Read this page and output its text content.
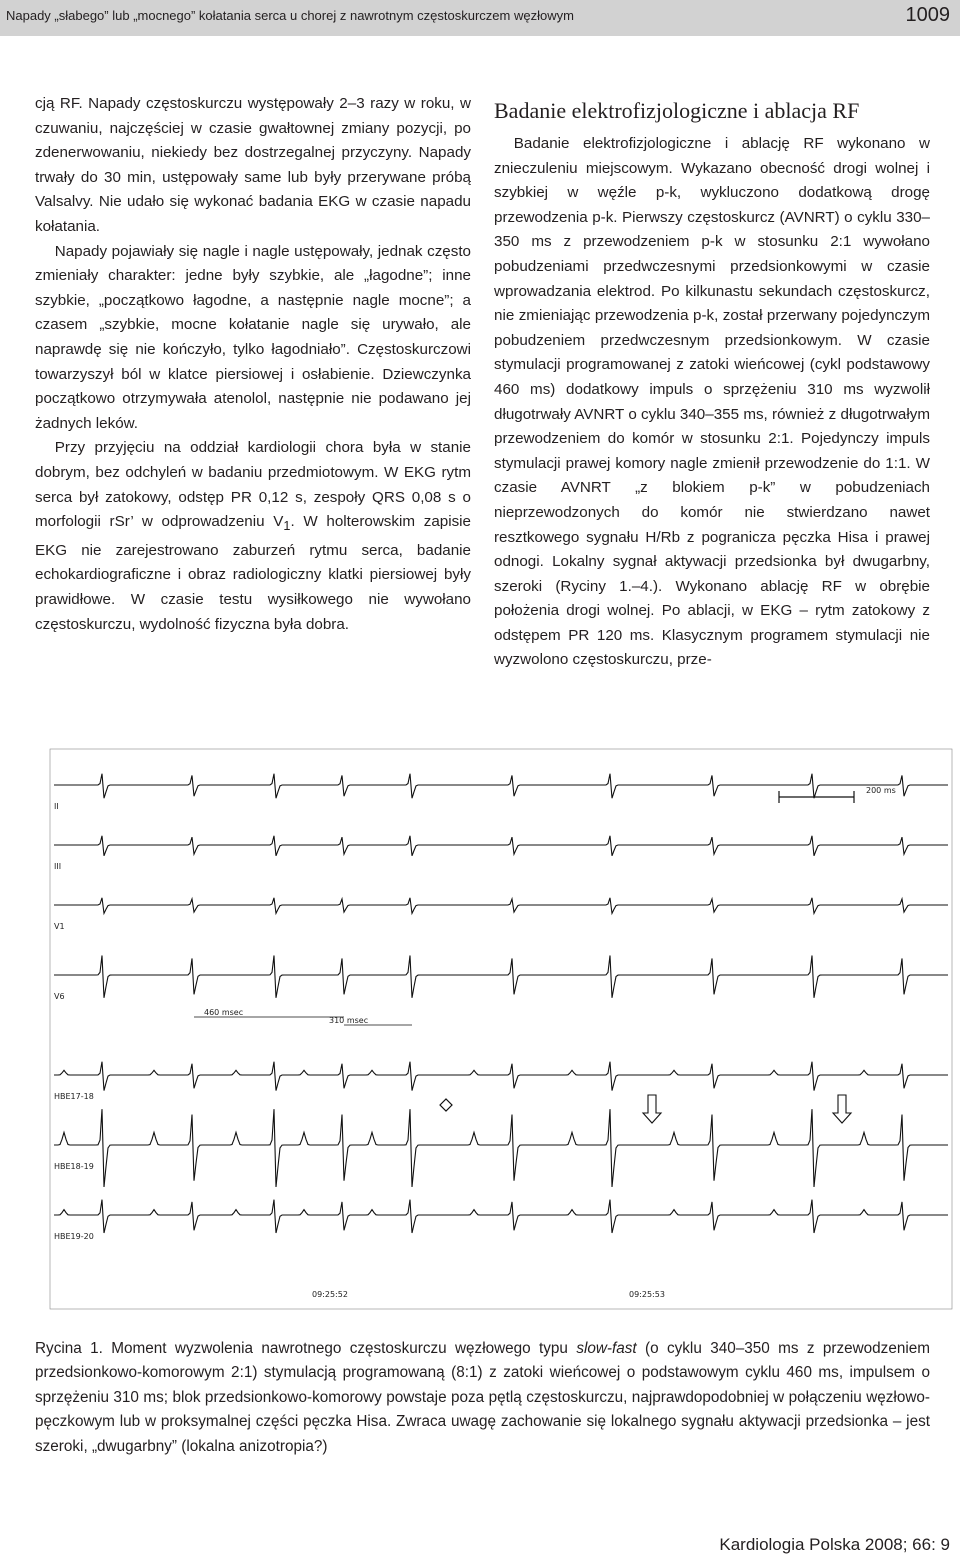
Napady „słabego” lub „mocnego” kołatania serca u chorej z nawrotnym częstoskurczem węzłowym	1009

cją RF. Napady częstoskurczu występowały 2–3 razy w roku, w czuwaniu, najczęściej w czasie gwałtownej zmiany pozycji, po zdenerwowaniu, niekiedy bez dostrzegalnej przyczyny. Napady trwały do 30 min, ustępowały same lub były przerywane próbą Valsalvy. Nie udało się wykonać badania EKG w czasie napadu kołatania.

Napady pojawiały się nagle i nagle ustępowały, jednak często zmieniały charakter: jedne były szybkie, ale „łagodne”; inne szybkie, „początkowo łagodne, a następnie nagle mocne”; a czasem „szybkie, mocne kołatanie nagle się urywało, ale naprawdę się nie kończyło, tylko łagodniało”. Częstoskurczowi towarzyszył ból w klatce piersiowej i osłabienie. Dziewczynka początkowo otrzymywała atenolol, następnie nie podawano jej żadnych leków.

Przy przyjęciu na oddział kardiologii chora była w stanie dobrym, bez odchyleń w badaniu przedmiotowym. W EKG rytm serca był zatokowy, odstęp PR 0,12 s, zespoły QRS 0,08 s o morfologii rSr’ w odprowadzeniu $V_1$. W holterowskim zapisie EKG nie zarejestrowano zaburzeń rytmu serca, badanie echokardiograficzne i obraz radiologiczny klatki piersiowej były prawidłowe. W czasie testu wysiłkowego nie wywołano częstoskurczu, wydolność fizyczna była dobra.

Badanie elektrofizjologiczne i ablacja RF

Badanie elektrofizjologiczne i ablację RF wykonano w znieczuleniu miejscowym. Wykazano obecność drogi wolnej i szybkiej w węźle p-k, wykluczono dodatkową drogę przewodzenia p-k. Pierwszy częstoskurcz (AVNRT) o cyklu 330–350 ms z przewodzeniem p-k w stosunku 2:1 wywołano pobudzeniami przedwczesnymi przedsionkowymi w czasie wprowadzania elektrod. Po kilkunastu sekundach częstoskurcz, nie zmieniając przewodzenia p-k, został przerwany pojedynczym pobudzeniem przedwczesnym przedsionkowym. W czasie stymulacji programowanej z zatoki wieńcowej (cykl podstawowy 460 ms) dodatkowy impuls o sprzężeniu 310 ms wyzwolił długotrwały AVNRT o cyklu 340–355 ms, również z długotrwałym przewodzeniem do komór w stosunku 2:1. Pojedynczy impuls stymulacji prawej komory nagle zmienił przewodzenie do 1:1. W czasie AVNRT „z blokiem p-k” w pobudzeniach nieprzewodzonych do komór nie stwierdzano nawet resztkowego sygnału H/Rb z pogranicza pęczka Hisa i prawej odnogi. Lokalny sygnał aktywacji przedsionka był dwugarbny, szeroki (Ryciny 1.–4.). Wykonano ablację RF w obrębie położenia drogi wolnej. Po ablacji, w EKG – rytm zatokowy z odstępem PR 120 ms. Klasycznym programem stymulacji nie wyzwolono częstoskurczu, prze-

II
III
V1
V6
HBE17-18
HBE18-19
HBE19-20
200 ms
460 msec
310 msec
09:25:52	09:25:53
Rycina 1. Moment wyzwolenia nawrotnego częstoskurczu węzłowego typu slow-fast (o cyklu 340–350 ms z przewodzeniem przedsionkowo-komorowym 2:1) stymulacją programowaną (8:1) z zatoki wieńcowej o podstawowym cyklu 460 ms, impulsem o sprzężeniu 310 ms; blok przedsionkowo-komorowy powstaje poza pętlą częstoskurczu, najprawdopodobniej w połączeniu węzłowo-pęczkowym lub w proksymalnej części pęczka Hisa. Zwraca uwagę zachowanie się lokalnego sygnału aktywacji przedsionka – jest szeroki, „dwugarbny” (lokalna anizotropia?)
Kardiologia Polska 2008; 66: 9
